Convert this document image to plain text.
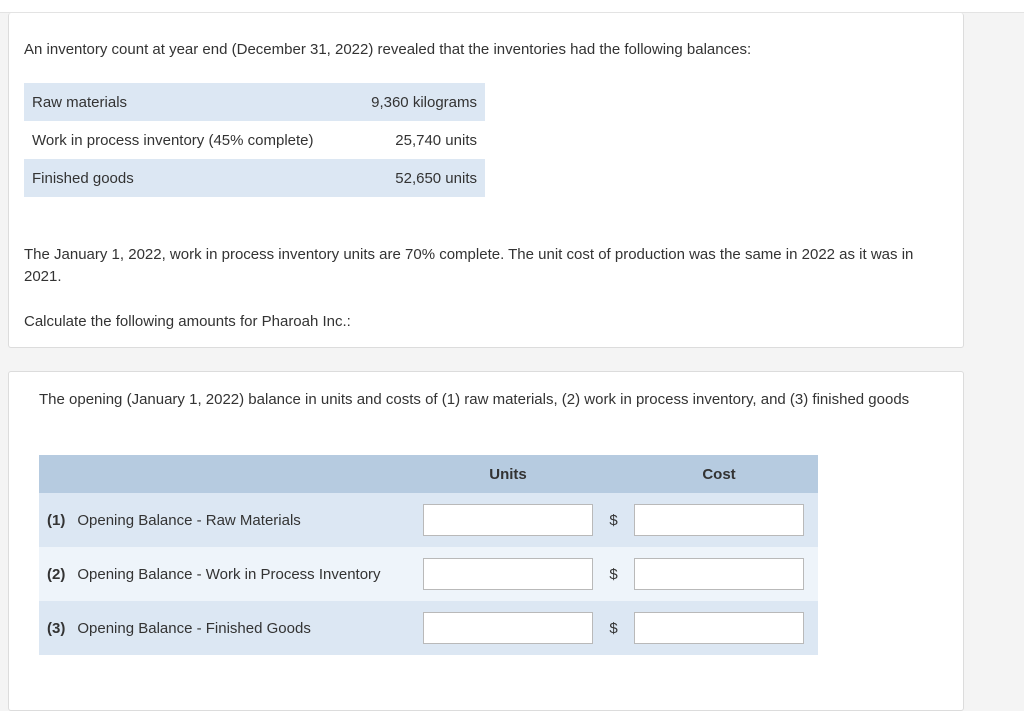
An inventory count at year end (December 31, 2022) revealed that the inventories had the following balances:

Raw materials	9,360 kilograms
Work in process inventory (45% complete)	25,740 units
Finished goods	52,650 units

The January 1, 2022, work in process inventory units are 70% complete. The unit cost of production was the same in 2022 as it was in 2021.

Calculate the following amounts for Pharoah Inc.:

The opening (January 1, 2022) balance in units and costs of (1) raw materials, (2) work in process inventory, and (3) finished goods

	Units		Cost	
(1) Opening Balance - Raw Materials		$	

(2) Opening Balance - Work in Process Inventory		$	

(3) Opening Balance - Finished Goods		$	
